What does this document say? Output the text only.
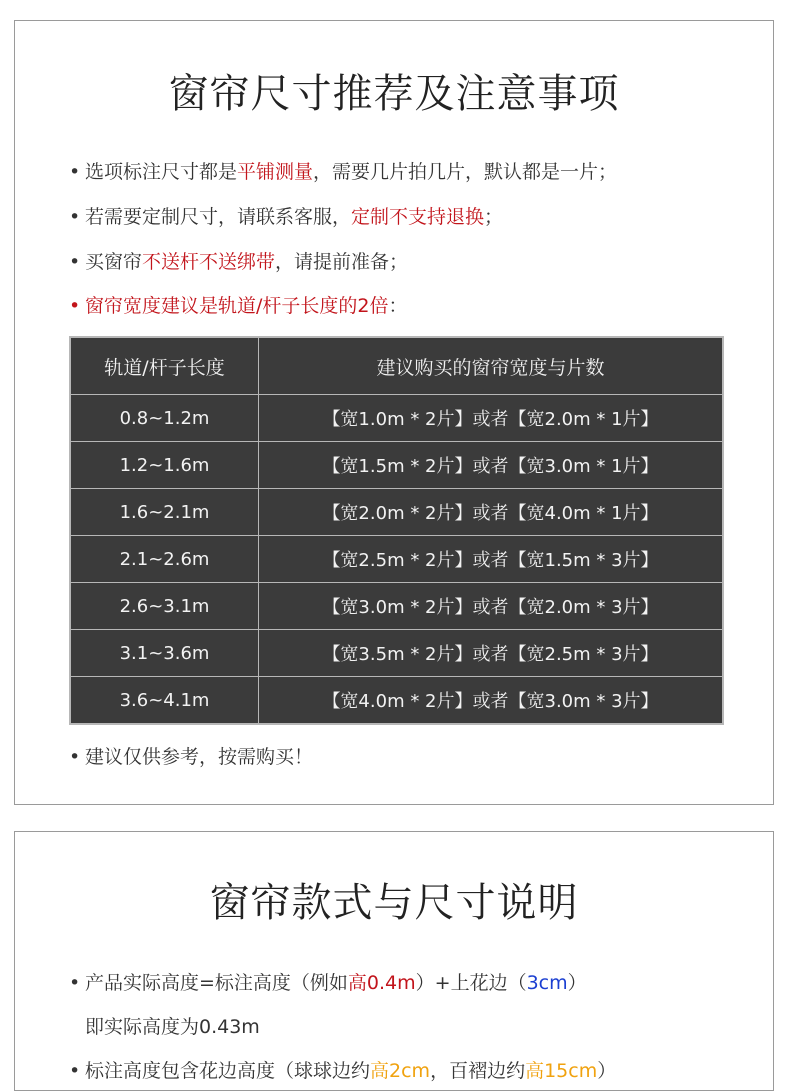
窗帘尺寸推荐及注意事项
• 选项标注尺寸都是平铺测量，需要几片拍几片，默认都是一片；
• 若需要定制尺寸，请联系客服，定制不支持退换；
• 买窗帘不送杆不送绑带，请提前准备；
• 窗帘宽度建议是轨道/杆子长度的2倍：
轨道/杆子长度	建议购买的窗帘宽度与片数
0.8~1.2m	【宽1.0m * 2片】或者【宽2.0m * 1片】
1.2~1.6m	【宽1.5m * 2片】或者【宽3.0m * 1片】
1.6~2.1m	【宽2.0m * 2片】或者【宽4.0m * 1片】
2.1~2.6m	【宽2.5m * 2片】或者【宽1.5m * 3片】
2.6~3.1m	【宽3.0m * 2片】或者【宽2.0m * 3片】
3.1~3.6m	【宽3.5m * 2片】或者【宽2.5m * 3片】
3.6~4.1m	【宽4.0m * 2片】或者【宽3.0m * 3片】
• 建议仅供参考，按需购买！
窗帘款式与尺寸说明
• 产品实际高度=标注高度（例如高0.4m）+上花边（3cm）
即实际高度为0.43m
• 标注高度包含花边高度（球球边约高2cm，百褶边约高15cm）
